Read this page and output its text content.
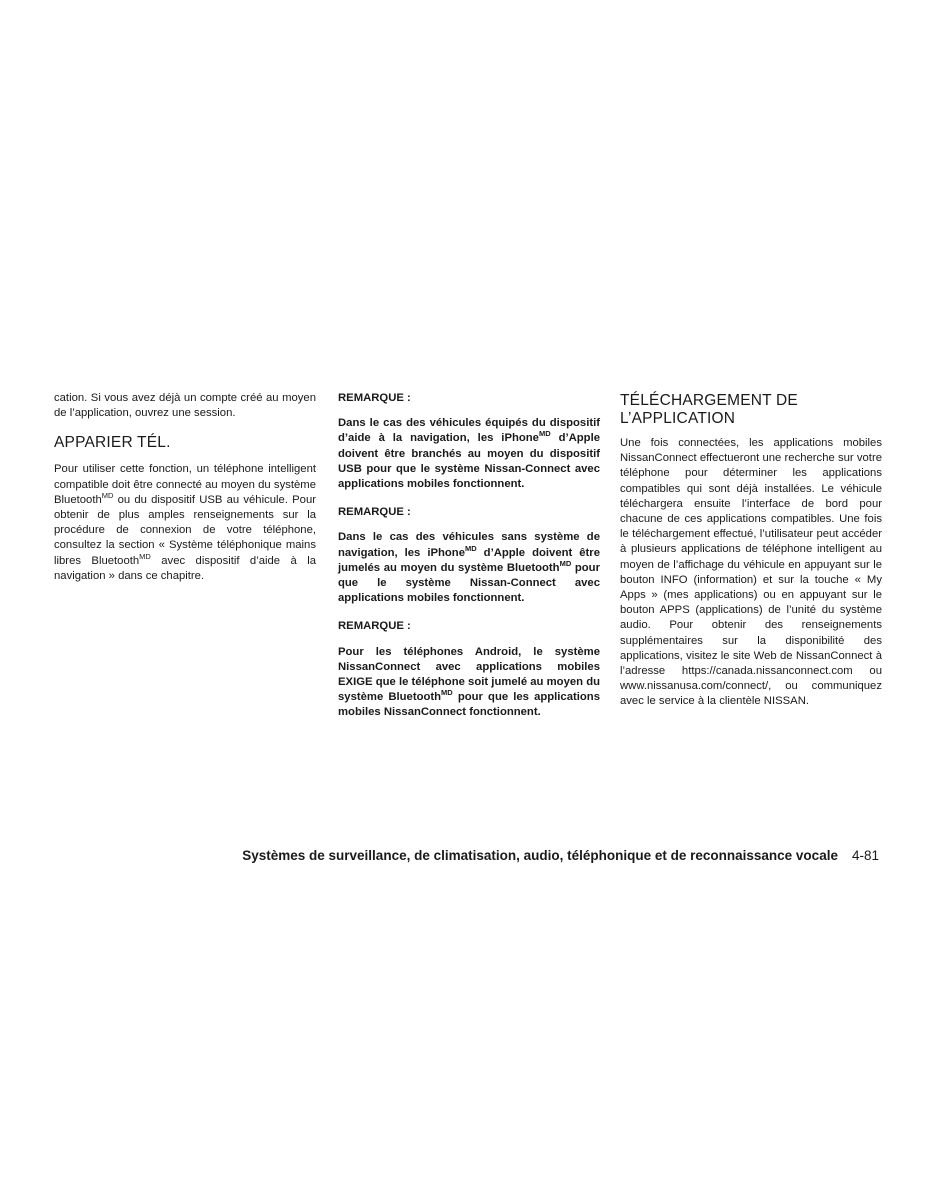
cation. Si vous avez déjà un compte créé au moyen de l’application, ouvrez une session.

APPARIER TÉL.

Pour utiliser cette fonction, un téléphone intelligent compatible doit être connecté au moyen du système Bluetooth$^{MD}$ ou du dispositif USB au véhicule. Pour obtenir de plus amples renseignements sur la procédure de connexion de votre téléphone, consultez la section « Système téléphonique mains libres Bluetooth$^{MD}$ avec dispositif d’aide à la navigation » dans ce chapitre.

REMARQUE :

Dans le cas des véhicules équipés du dispositif d’aide à la navigation, les iPhone$^{MD}$ d’Apple doivent être branchés au moyen du dispositif USB pour que le système Nissan-Connect avec applications mobiles fonctionnent.

REMARQUE :

Dans le cas des véhicules sans système de navigation, les iPhone$^{MD}$ d’Apple doivent être jumelés au moyen du système Bluetooth$^{MD}$ pour que le système Nissan-Connect avec applications mobiles fonctionnent.

REMARQUE :

Pour les téléphones Android, le système NissanConnect avec applications mobiles EXIGE que le téléphone soit jumelé au moyen du système Bluetooth$^{MD}$ pour que les applications mobiles NissanConnect fonctionnent.

TÉLÉCHARGEMENT DE
L’APPLICATION

Une fois connectées, les applications mobiles NissanConnect effectueront une recherche sur votre téléphone pour déterminer les applications compatibles qui sont déjà installées. Le véhicule téléchargera ensuite l’interface de bord pour chacune de ces applications compatibles. Une fois le téléchargement effectué, l’utilisateur peut accéder à plusieurs applications de téléphone intelligent au moyen de l’affichage du véhicule en appuyant sur le bouton INFO (information) et sur la touche « My Apps » (mes applications) ou en appuyant sur le bouton APPS (applications) de l’unité du système audio. Pour obtenir des renseignements supplémentaires sur la disponibilité des applications, visitez le site Web de NissanConnect à l’adresse https://canada.nissanconnect.com ou www.nissanusa.com/connect/, ou communiquez avec le service à la clientèle NISSAN.

Systèmes de surveillance, de climatisation, audio, téléphonique et de reconnaissance vocale 4-81
